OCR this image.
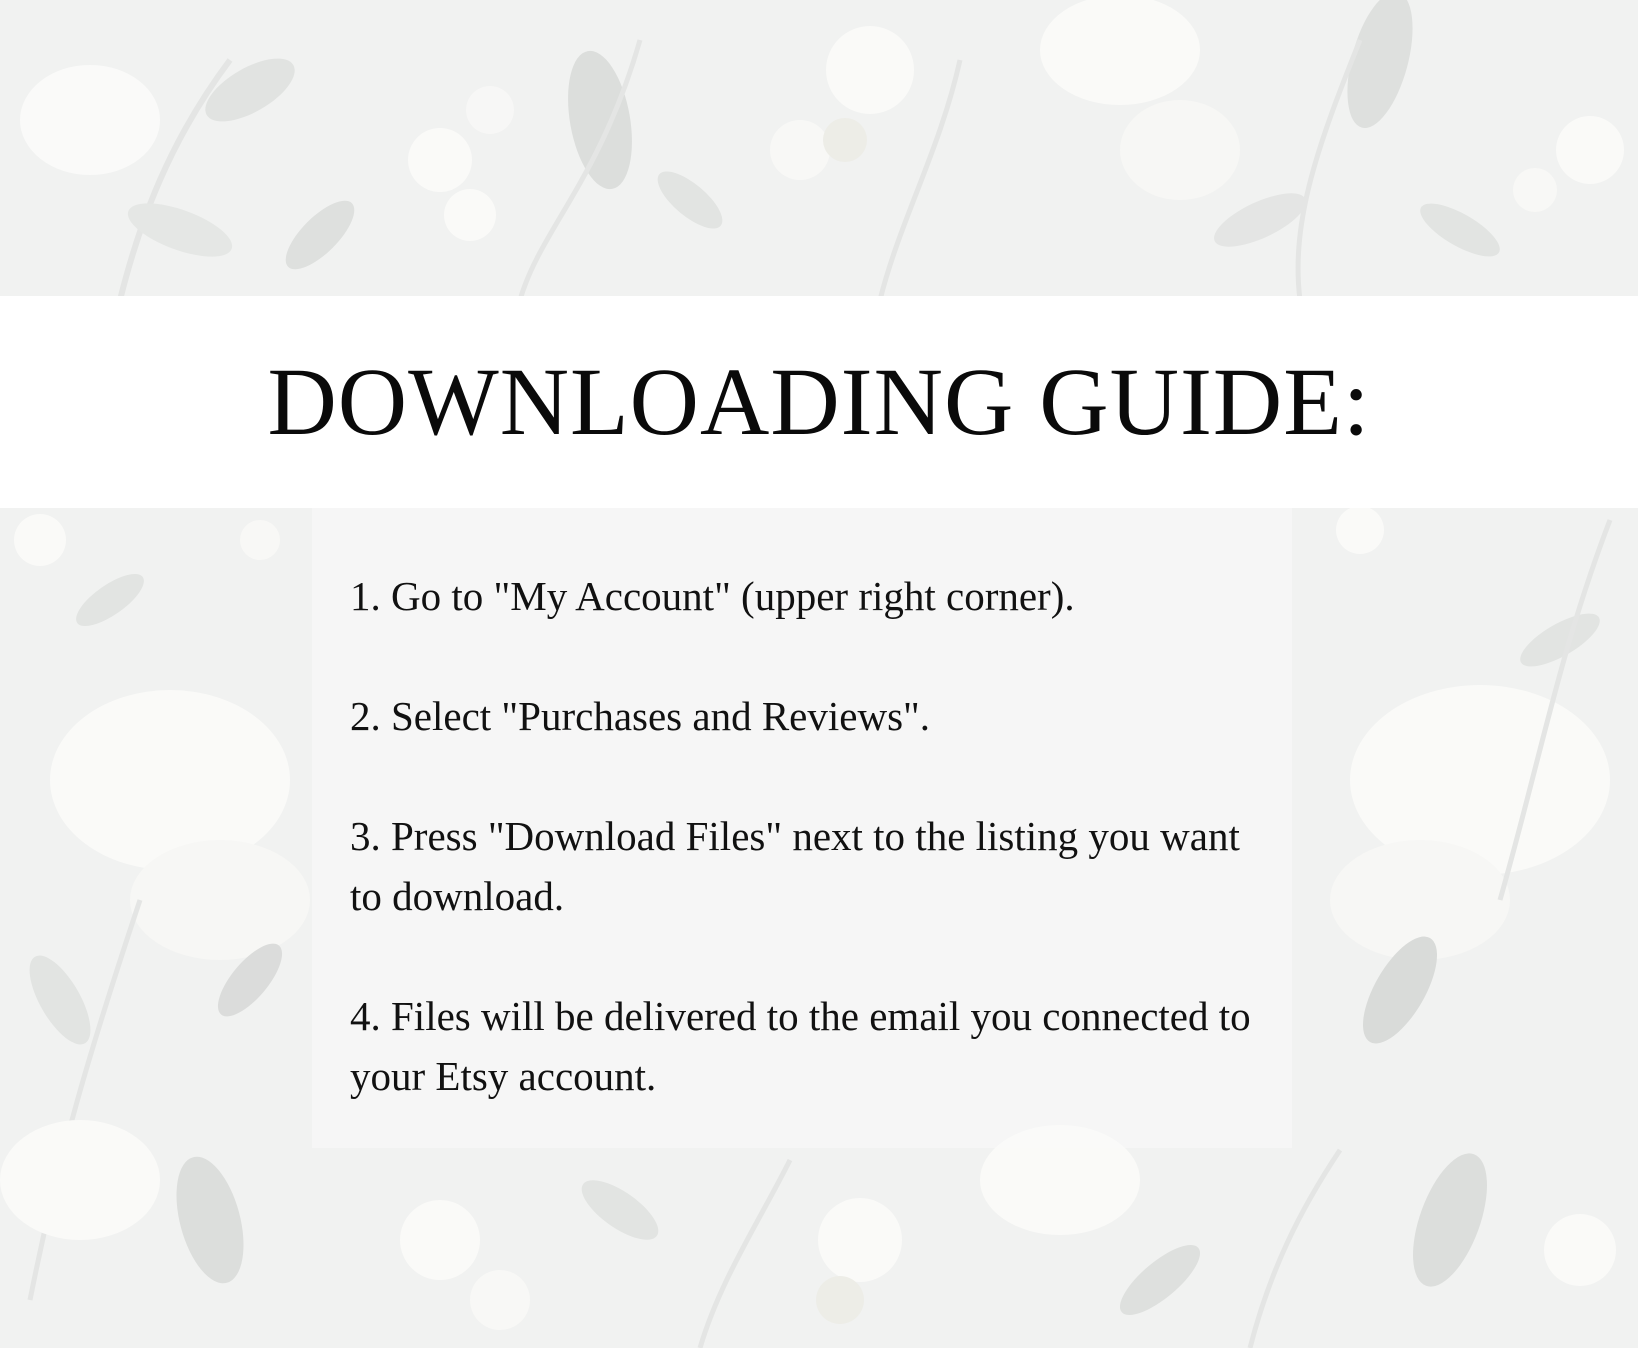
DOWNLOADING GUIDE:
1. Go to "My Account" (upper right corner).
2. Select "Purchases and Reviews".
3. Press "Download Files" next to the listing you want to download.
4. Files will be delivered to the email you connected to your Etsy account.
